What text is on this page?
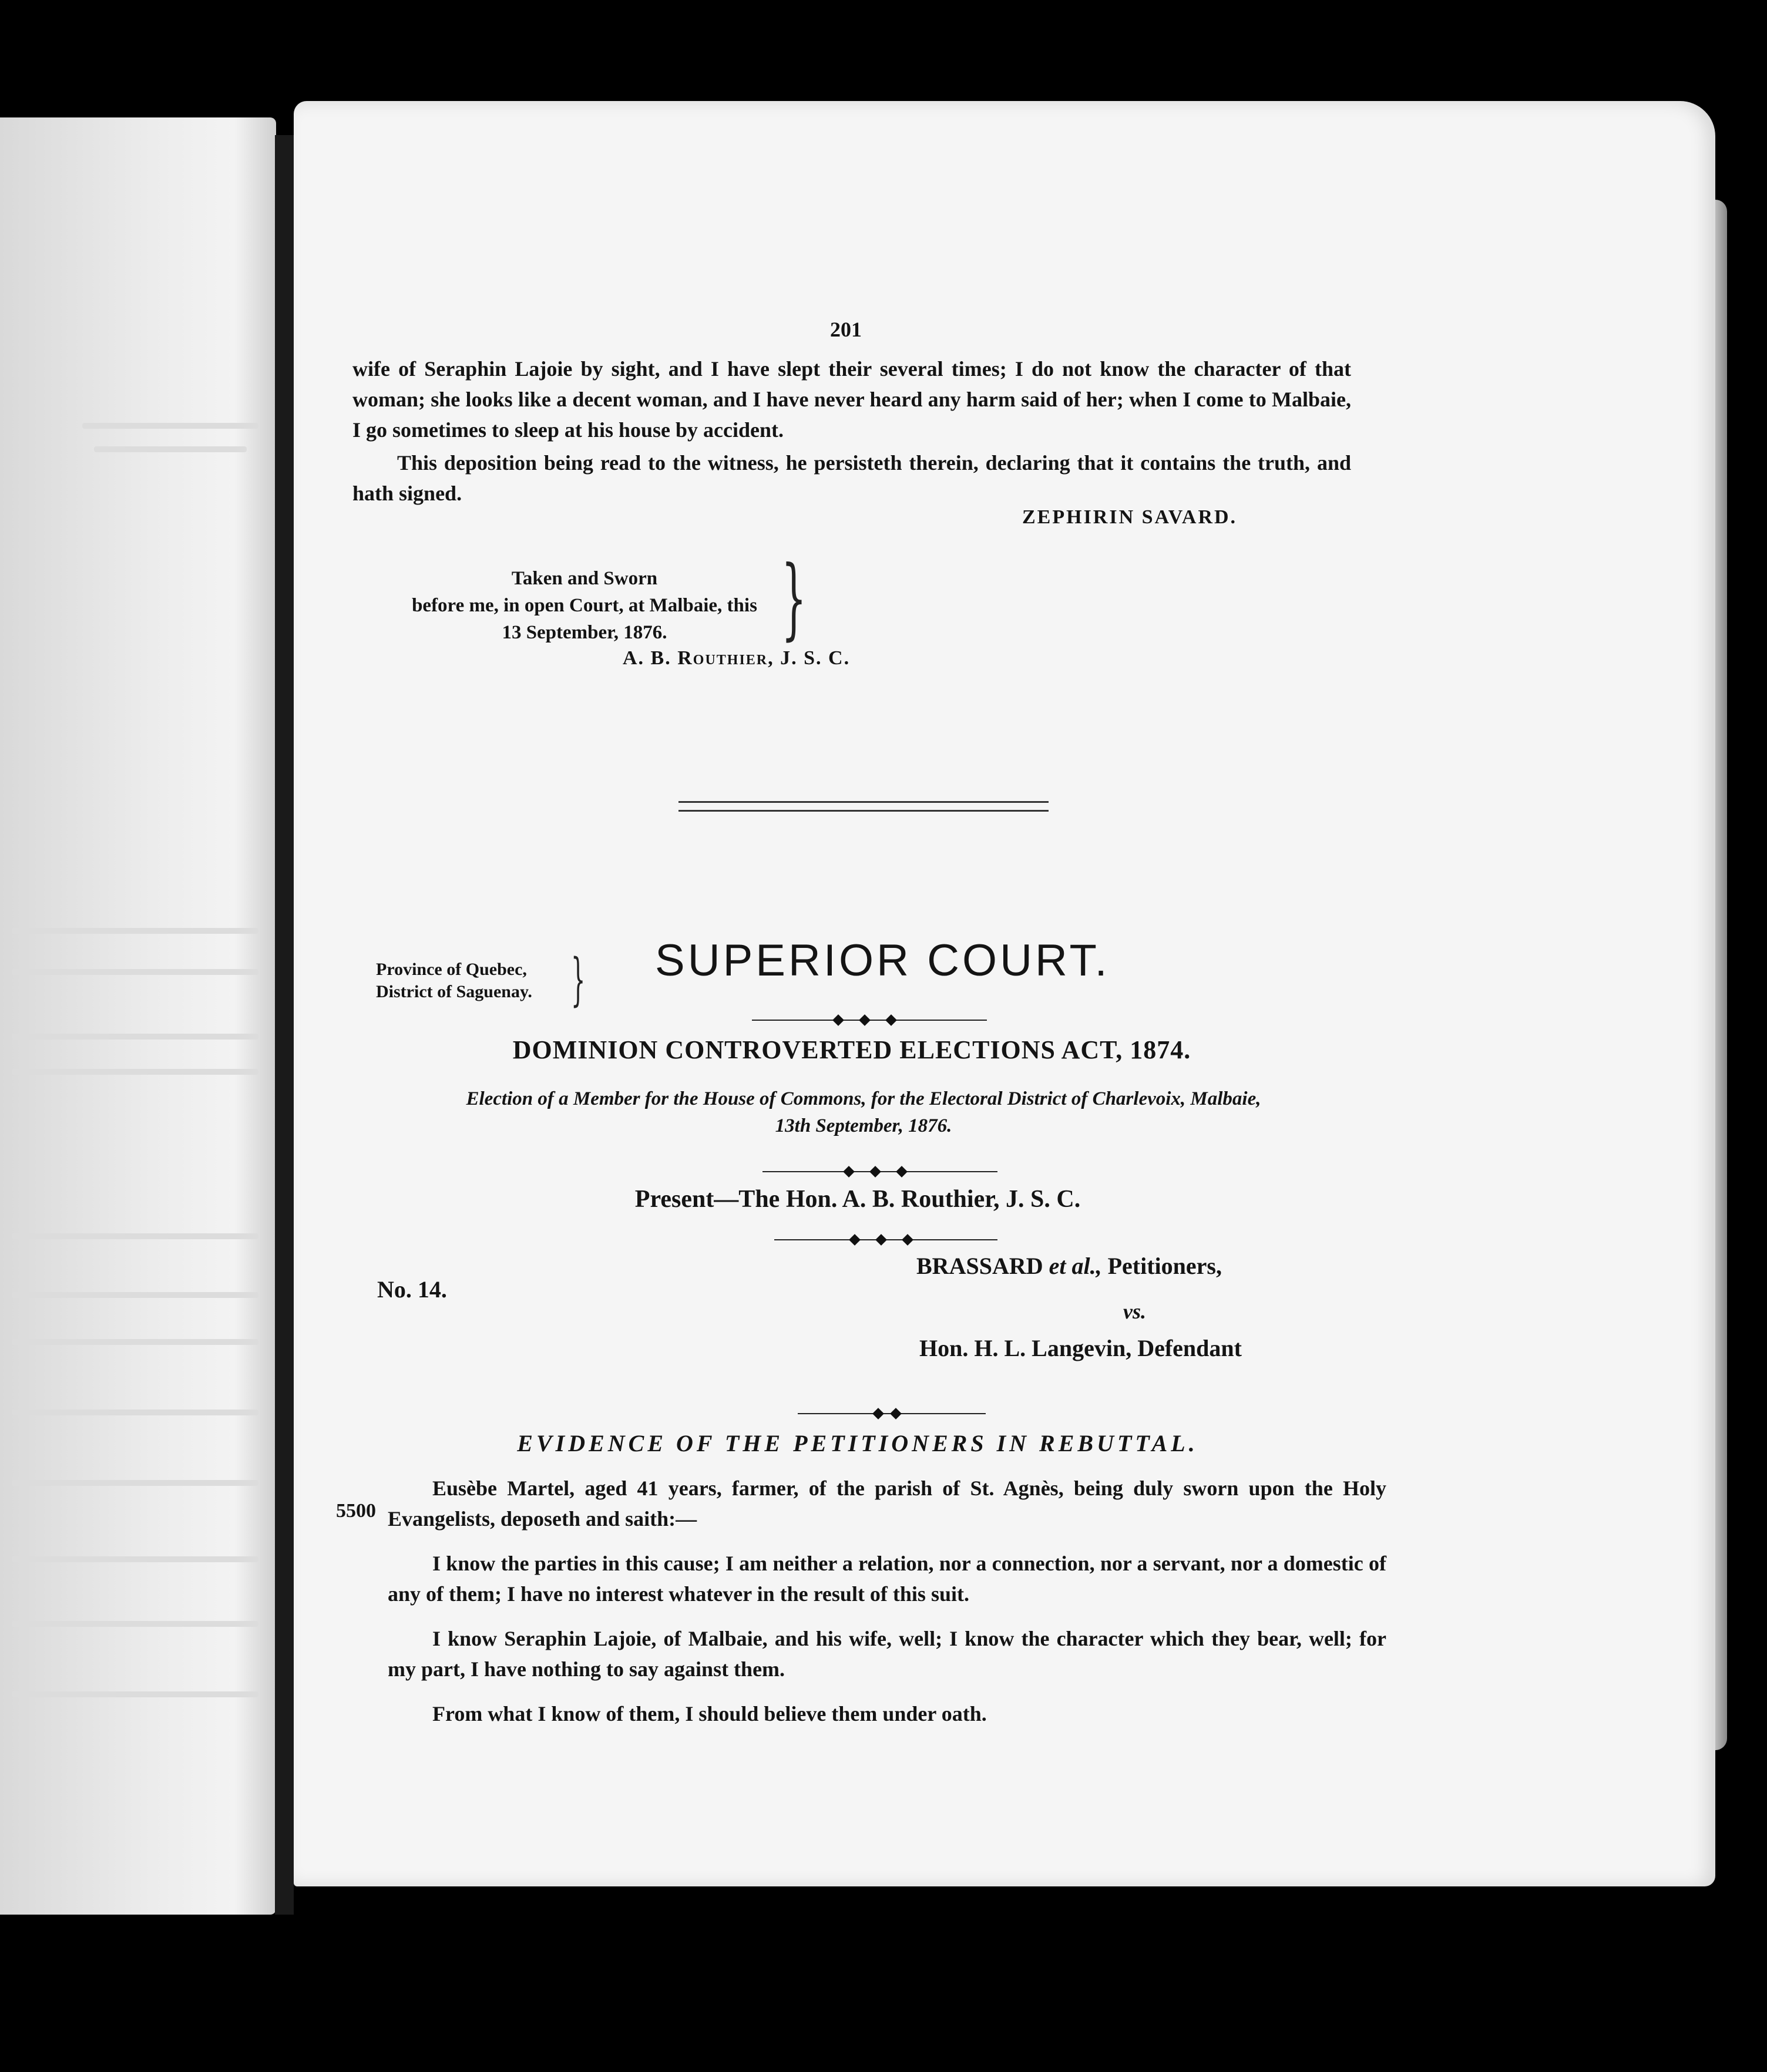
201

wife of Seraphin Lajoie by sight, and I have slept their several times; I do not know the character of that woman; she looks like a decent woman, and I have never heard any harm said of her; when I come to Malbaie, I go sometimes to sleep at his house by accident.

This deposition being read to the witness, he persisteth therein, declaring that it contains the truth, and hath signed.

ZEPHIRIN SAVARD.
Taken and Sworn
before me, in open Court, at Malbaie, this
13 September, 1876.	}
A. B. Routhier, J. S. C.
Province of Quebec,
District of Saguenay. } SUPERIOR COURT.
DOMINION CONTROVERTED ELECTIONS ACT, 1874.
Election of a Member for the House of Commons, for the Electoral District of Charlevoix, Malbaie,
13th September, 1876.
Present—The Hon. A. B. Routhier, J. S. C.
No. 14.
BRASSARD et al., Petitioners,
vs.
Hon. H. L. Langevin, Defendant
EVIDENCE OF THE PETITIONERS IN REBUTTAL.
5500

Eusèbe Martel, aged 41 years, farmer, of the parish of St. Agnès, being duly sworn upon the Holy Evangelists, deposeth and saith:—

I know the parties in this cause; I am neither a relation, nor a connection, nor a servant, nor a domestic of any of them; I have no interest whatever in the result of this suit.

I know Seraphin Lajoie, of Malbaie, and his wife, well; I know the character which they bear, well; for my part, I have nothing to say against them.

From what I know of them, I should believe them under oath.
